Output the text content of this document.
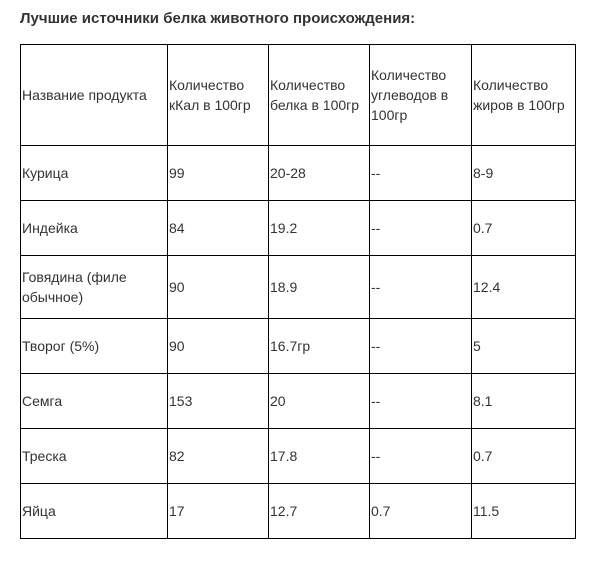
Лучшие источники белка животного происхождения:
Название продукта	Количество кКал в 100гр	Количество белка в 100гр	Количество углеводов в 100гр	Количество жиров в 100гр
Курица	99	20-28	--	8-9
Индейка	84	19.2	--	0.7
Говядина (филе обычное)	90	18.9	--	12.4
Творог (5%)	90	16.7гр	--	5
Семга	153	20	--	8.1
Треска	82	17.8	--	0.7
Яйца	17	12.7	0.7	11.5
